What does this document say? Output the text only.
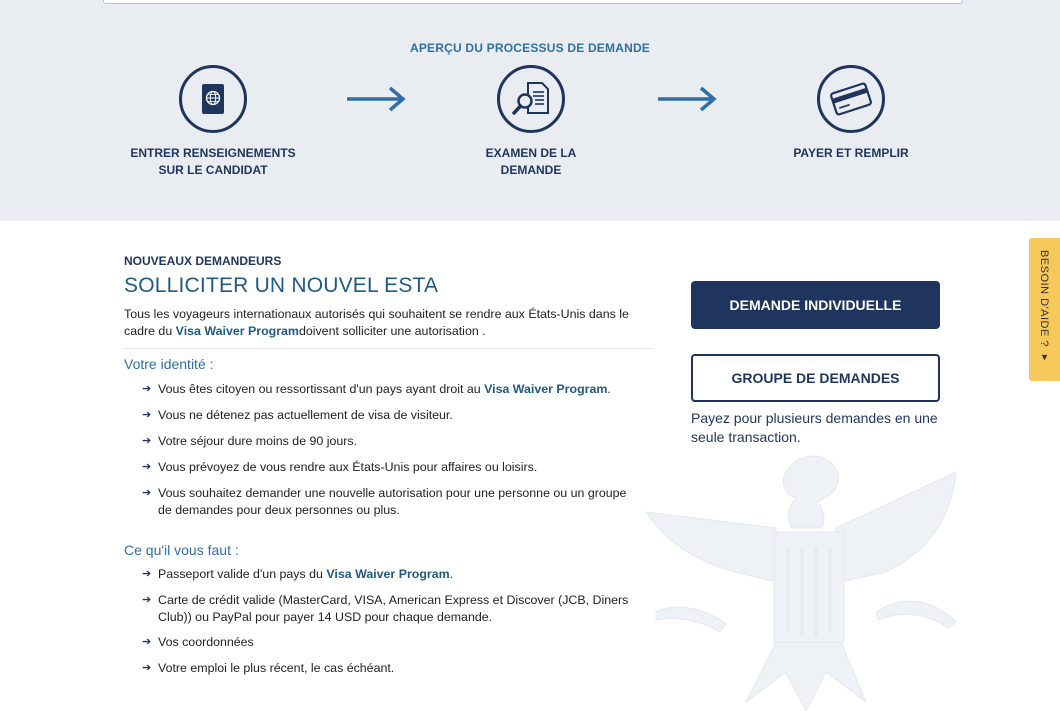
APERÇU DU PROCESSUS DE DEMANDE
ENTRER RENSEIGNEMENTS
SUR LE CANDIDAT
EXAMEN DE LA
DEMANDE
PAYER ET REMPLIR
NOUVEAUX DEMANDEURS
SOLLICITER UN NOUVEL ESTA
Tous les voyageurs internationaux autorisés qui souhaitent se rendre aux États-Unis dans le cadre du Visa Waiver Programdoivent solliciter une autorisation .
Votre identité :
➔ Vous êtes citoyen ou ressortissant d'un pays ayant droit au Visa Waiver Program.
➔ Vous ne détenez pas actuellement de visa de visiteur.
➔ Votre séjour dure moins de 90 jours.
➔ Vous prévoyez de vous rendre aux États-Unis pour affaires ou loisirs.
➔ Vous souhaitez demander une nouvelle autorisation pour une personne ou un groupe de demandes pour deux personnes ou plus.
Ce qu'il vous faut :
➔ Passeport valide d'un pays du Visa Waiver Program.
➔ Carte de crédit valide (MasterCard, VISA, American Express et Discover (JCB, Diners Club)) ou PayPal pour payer 14 USD pour chaque demande.
➔ Vos coordonnées
➔ Votre emploi le plus récent, le cas échéant.
DEMANDE INDIVIDUELLE
GROUPE DE DEMANDES
Payez pour plusieurs demandes en une seule transaction.
BESOIN D'AIDE ? ▾
